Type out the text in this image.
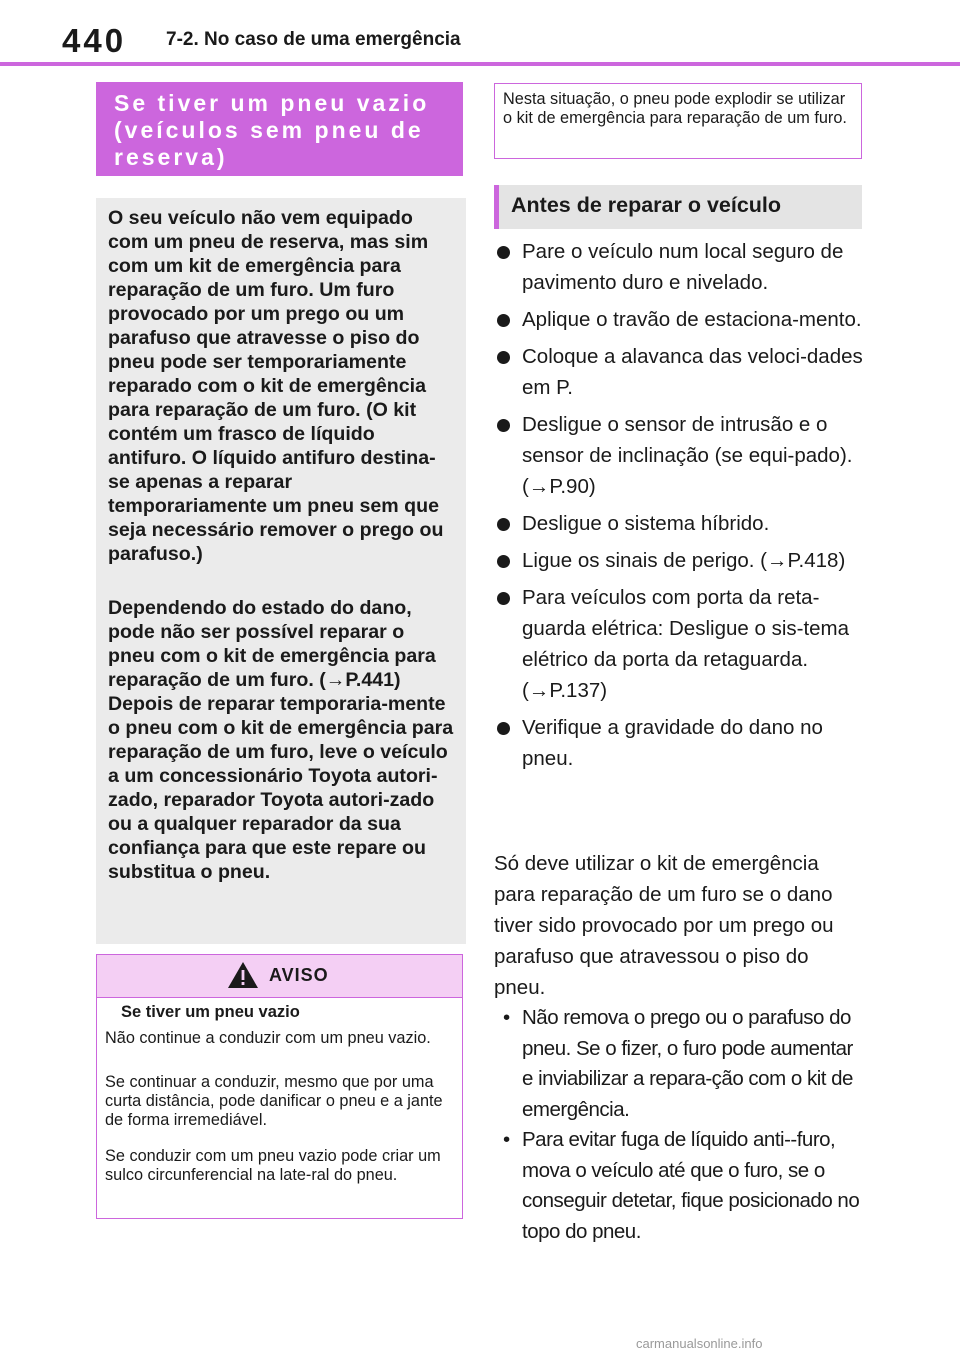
440 7-2. No caso de uma emergência
Se tiver um pneu vazio (veículos sem pneu de reserva)

O seu veículo não vem equipado com um pneu de reserva, mas sim com um kit de emergência para reparação de um furo. Um furo provocado por um prego ou um parafuso que atravesse o piso do pneu pode ser temporariamente reparado com o kit de emergência para reparação de um furo. (O kit contém um frasco de líquido antifuro. O líquido antifuro destina-se apenas a reparar temporariamente um pneu sem que seja necessário remover o prego ou parafuso.)

Dependendo do estado do dano, pode não ser possível reparar o pneu com o kit de emergência para reparação de um furo. (→P.441) Depois de reparar temporaria-mente o pneu com o kit de emergência para reparação de um furo, leve o veículo a um concessionário Toyota autori-zado, reparador Toyota autori-zado ou a qualquer reparador da sua confiança para que este repare ou substitua o pneu.

AVISO
Se tiver um pneu vazio

Não continue a conduzir com um pneu vazio.

Se continuar a conduzir, mesmo que por uma curta distância, pode danificar o pneu e a jante de forma irremediável.

Se conduzir com um pneu vazio pode criar um sulco circunferencial na late-ral do pneu.

Nesta situação, o pneu pode explodir se utilizar o kit de emergência para reparação de um furo.

Antes de reparar o veículo
Pare o veículo num local seguro de pavimento duro e nivelado.
Aplique o travão de estaciona-mento.
Coloque a alavanca das veloci-dades em P.
Desligue o sensor de intrusão e o sensor de inclinação (se equi-pado). (→P.90)
Desligue o sistema híbrido.
Ligue os sinais de perigo. (→P.418)
Para veículos com porta da reta-guarda elétrica: Desligue o sis-tema elétrico da porta da retaguarda. (→P.137)
Verifique a gravidade do dano no pneu.

Só deve utilizar o kit de emergência para reparação de um furo se o dano tiver sido provocado por um prego ou parafuso que atravessou o piso do pneu.

• Não remova o prego ou o parafuso do pneu. Se o fizer, o furo pode aumentar e inviabilizar a repara-ção com o kit de emergência.
• Para evitar fuga de líquido anti--furo, mova o veículo até que o furo, se o conseguir detetar, fique posicionado no topo do pneu.
carmanualsonline.info
